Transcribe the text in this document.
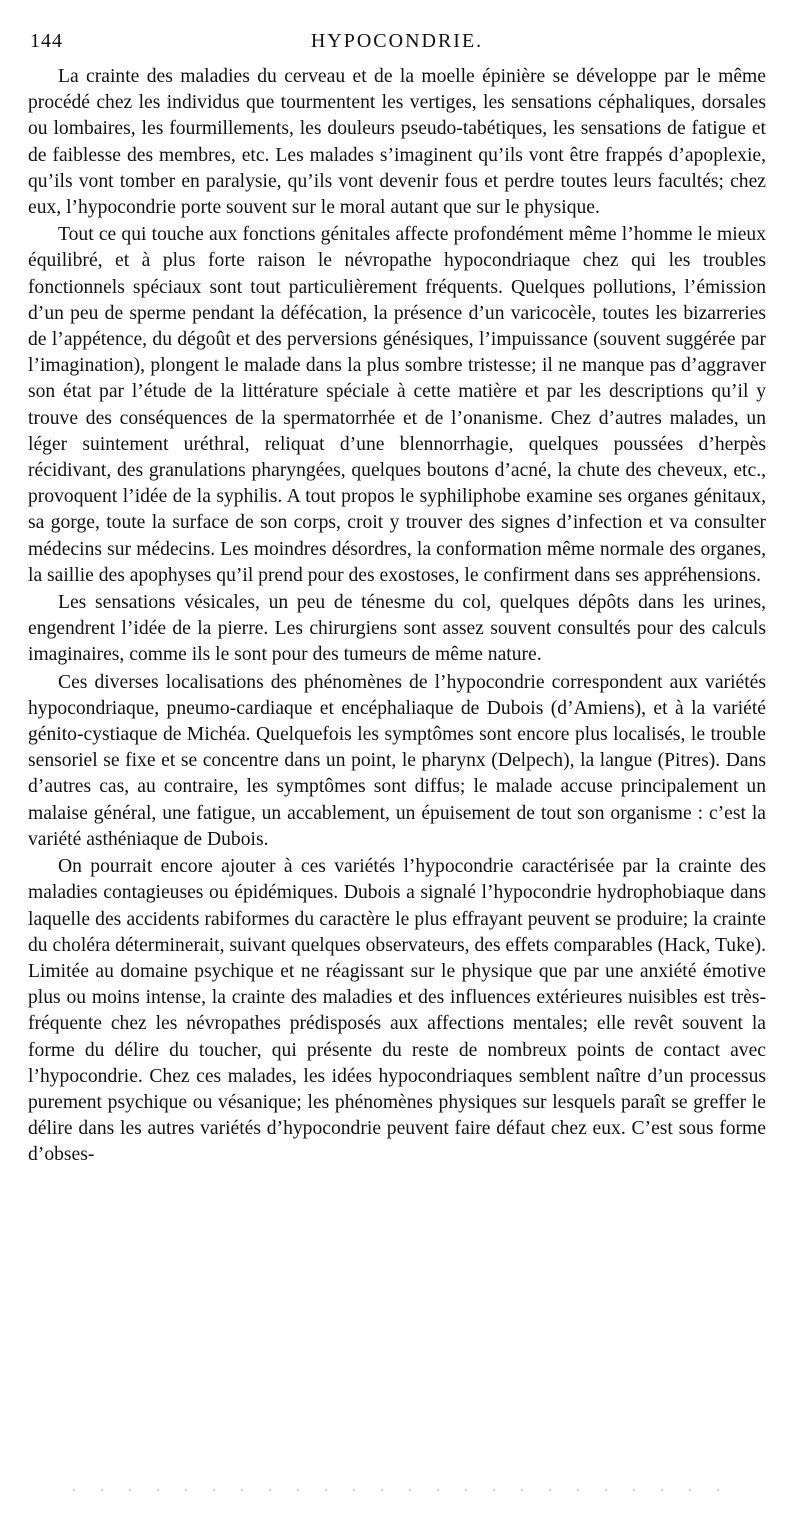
144	HYPOCONDRIE.

La crainte des maladies du cerveau et de la moelle épinière se développe par le même procédé chez les individus que tourmentent les vertiges, les sensations céphaliques, dorsales ou lombaires, les fourmillements, les douleurs pseudo-tabétiques, les sensations de fatigue et de faiblesse des membres, etc. Les malades s’imaginent qu’ils vont être frappés d’apoplexie, qu’ils vont tomber en paralysie, qu’ils vont devenir fous et perdre toutes leurs facultés; chez eux, l’hypocondrie porte souvent sur le moral autant que sur le physique.

Tout ce qui touche aux fonctions génitales affecte profondément même l’homme le mieux équilibré, et à plus forte raison le névropathe hypocondriaque chez qui les troubles fonctionnels spéciaux sont tout particulièrement fréquents. Quelques pollutions, l’émission d’un peu de sperme pendant la défécation, la présence d’un varicocèle, toutes les bizarreries de l’appétence, du dégoût et des perversions génésiques, l’impuissance (souvent suggérée par l’imagination), plongent le malade dans la plus sombre tristesse; il ne manque pas d’aggraver son état par l’étude de la littérature spéciale à cette matière et par les descriptions qu’il y trouve des conséquences de la spermatorrhée et de l’onanisme. Chez d’autres malades, un léger suintement uréthral, reliquat d’une blennorrhagie, quelques poussées d’herpès récidivant, des granulations pharyngées, quelques boutons d’acné, la chute des cheveux, etc., provoquent l’idée de la syphilis. A tout propos le syphiliphobe examine ses organes génitaux, sa gorge, toute la surface de son corps, croit y trouver des signes d’infection et va consulter médecins sur médecins. Les moindres désordres, la conformation même normale des organes, la saillie des apophyses qu’il prend pour des exostoses, le confirment dans ses appréhensions.

Les sensations vésicales, un peu de ténesme du col, quelques dépôts dans les urines, engendrent l’idée de la pierre. Les chirurgiens sont assez souvent consultés pour des calculs imaginaires, comme ils le sont pour des tumeurs de même nature.

Ces diverses localisations des phénomènes de l’hypocondrie correspondent aux variétés hypocondriaque, pneumo-cardiaque et encéphaliaque de Dubois (d’Amiens), et à la variété génito-cystiaque de Michéa. Quelquefois les symptômes sont encore plus localisés, le trouble sensoriel se fixe et se concentre dans un point, le pharynx (Delpech), la langue (Pitres). Dans d’autres cas, au contraire, les symptômes sont diffus; le malade accuse principalement un malaise général, une fatigue, un accablement, un épuisement de tout son organisme : c’est la variété asthéniaque de Dubois.

On pourrait encore ajouter à ces variétés l’hypocondrie caractérisée par la crainte des maladies contagieuses ou épidémiques. Dubois a signalé l’hypocondrie hydrophobiaque dans laquelle des accidents rabiformes du caractère le plus effrayant peuvent se produire; la crainte du choléra déterminerait, suivant quelques observateurs, des effets comparables (Hack, Tuke). Limitée au domaine psychique et ne réagissant sur le physique que par une anxiété émotive plus ou moins intense, la crainte des maladies et des influences extérieures nuisibles est très-fréquente chez les névropathes prédisposés aux affections mentales; elle revêt souvent la forme du délire du toucher, qui présente du reste de nombreux points de contact avec l’hypocondrie. Chez ces malades, les idées hypocondriaques semblent naître d’un processus purement psychique ou vésanique; les phénomènes physiques sur lesquels paraît se greffer le délire dans les autres variétés d’hypocondrie peuvent faire défaut chez eux. C’est sous forme d’obses-
